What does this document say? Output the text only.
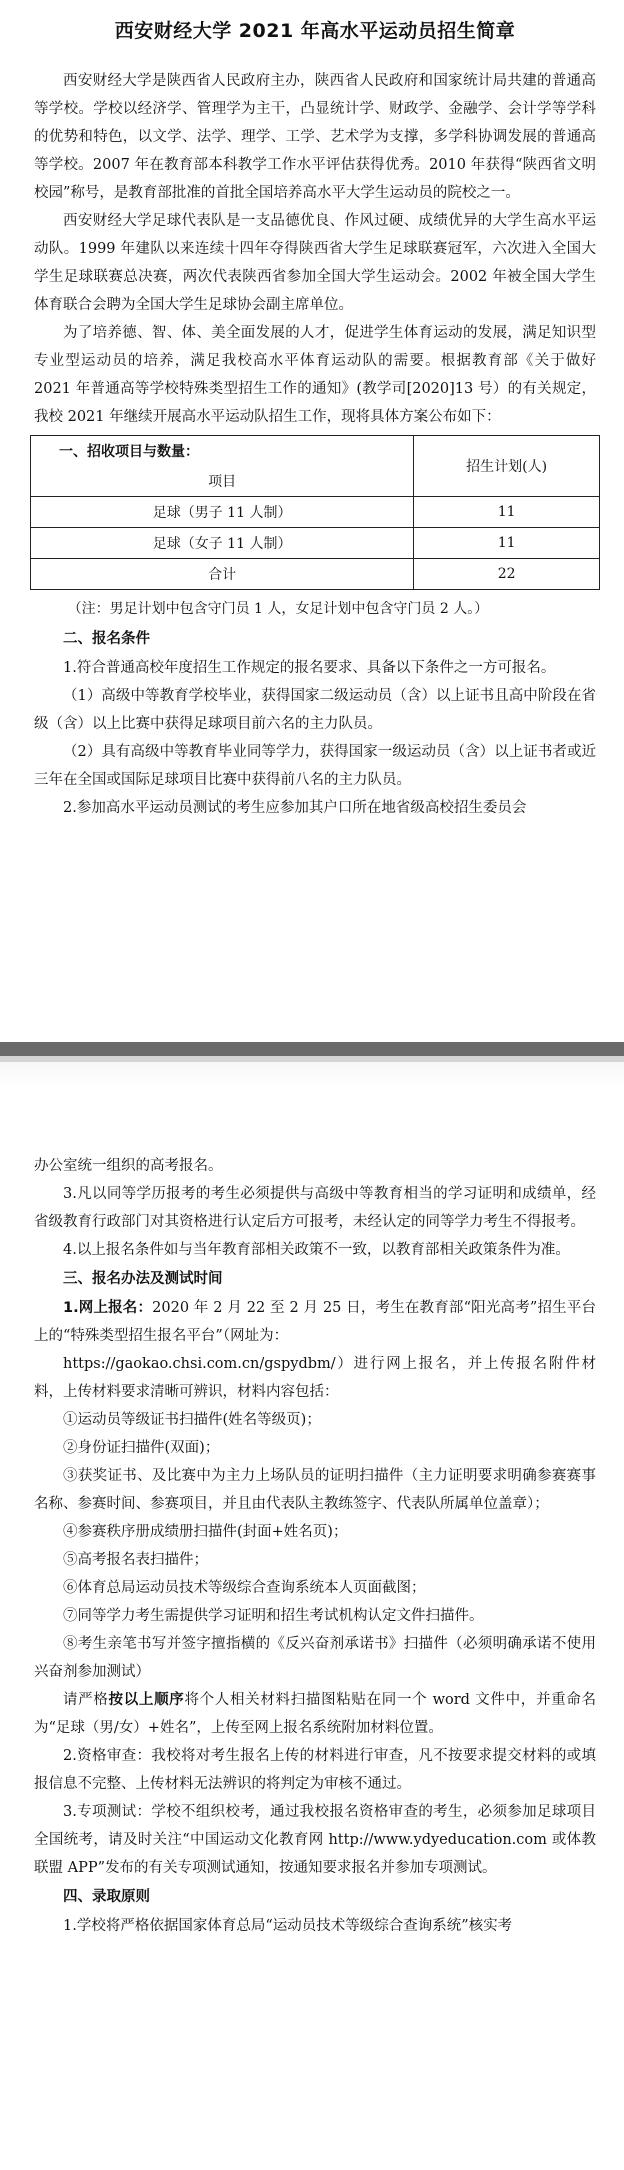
西安财经大学 2021 年高水平运动员招生简章

西安财经大学是陕西省人民政府主办，陕西省人民政府和国家统计局共建的普通高等学校。学校以经济学、管理学为主干，凸显统计学、财政学、金融学、会计学等学科的优势和特色，以文学、法学、理学、工学、艺术学为支撑，多学科协调发展的普通高等学校。2007 年在教育部本科教学工作水平评估获得优秀。2010 年获得“陕西省文明校园”称号，是教育部批准的首批全国培养高水平大学生运动员的院校之一。

西安财经大学足球代表队是一支品德优良、作风过硬、成绩优异的大学生高水平运动队。1999 年建队以来连续十四年夺得陕西省大学生足球联赛冠军，六次进入全国大学生足球联赛总决赛，两次代表陕西省参加全国大学生运动会。2002 年被全国大学生体育联合会聘为全国大学生足球协会副主席单位。

为了培养德、智、体、美全面发展的人才，促进学生体育运动的发展，满足知识型专业型运动员的培养，满足我校高水平体育运动队的需要。根据教育部《关于做好 2021 年普通高等学校特殊类型招生工作的通知》(教学司[2020]13 号）的有关规定，我校 2021 年继续开展高水平运动队招生工作，现将具体方案公布如下：

一、招收项目与数量：	招生计划(人)
项目	
足球（男子 11 人制）	11
足球（女子 11 人制）	11
合计	22

（注：男足计划中包含守门员 1 人，女足计划中包含守门员 2 人。）

二、报名条件

1.符合普通高校年度招生工作规定的报名要求、具备以下条件之一方可报名。

（1）高级中等教育学校毕业，获得国家二级运动员（含）以上证书且高中阶段在省级（含）以上比赛中获得足球项目前六名的主力队员。

（2）具有高级中等教育毕业同等学力，获得国家一级运动员（含）以上证书者或近三年在全国或国际足球项目比赛中获得前八名的主力队员。

2.参加高水平运动员测试的考生应参加其户口所在地省级高校招生委员会

办公室统一组织的高考报名。

3.凡以同等学历报考的考生必须提供与高级中等教育相当的学习证明和成绩单，经省级教育行政部门对其资格进行认定后方可报考，未经认定的同等学力考生不得报考。

4.以上报名条件如与当年教育部相关政策不一致，以教育部相关政策条件为准。

三、报名办法及测试时间

1.网上报名：2020 年 2 月 22 至 2 月 25 日，考生在教育部“阳光高考”招生平台上的“特殊类型招生报名平台”（网址为：

https://gaokao.chsi.com.cn/gspydbm/）进行网上报名，并上传报名附件材料，上传材料要求清晰可辨识，材料内容包括：

①运动员等级证书扫描件(姓名等级页)；

②身份证扫描件(双面)；

③获奖证书、及比赛中为主力上场队员的证明扫描件（主力证明要求明确参赛赛事名称、参赛时间、参赛项目，并且由代表队主教练签字、代表队所属单位盖章）；

④参赛秩序册成绩册扫描件(封面+姓名页)；

⑤高考报名表扫描件；

⑥体育总局运动员技术等级综合查询系统本人页面截图；

⑦同等学力考生需提供学习证明和招生考试机构认定文件扫描件。

⑧考生亲笔书写并签字擅指横的《反兴奋剂承诺书》扫描件（必须明确承诺不使用兴奋剂参加测试）

请严格按以上顺序将个人相关材料扫描图粘贴在同一个 word 文件中，并重命名为“足球（男/女）+姓名”，上传至网上报名系统附加材料位置。

2.资格审查：我校将对考生报名上传的材料进行审查，凡不按要求提交材料的或填报信息不完整、上传材料无法辨识的将判定为审核不通过。

3.专项测试：学校不组织校考，通过我校报名资格审查的考生，必须参加足球项目全国统考，请及时关注“中国运动文化教育网 http://www.ydyeducation.com 或体教联盟 APP”发布的有关专项测试通知，按通知要求报名并参加专项测试。

四、录取原则

1.学校将严格依据国家体育总局“运动员技术等级综合查询系统”核实考
